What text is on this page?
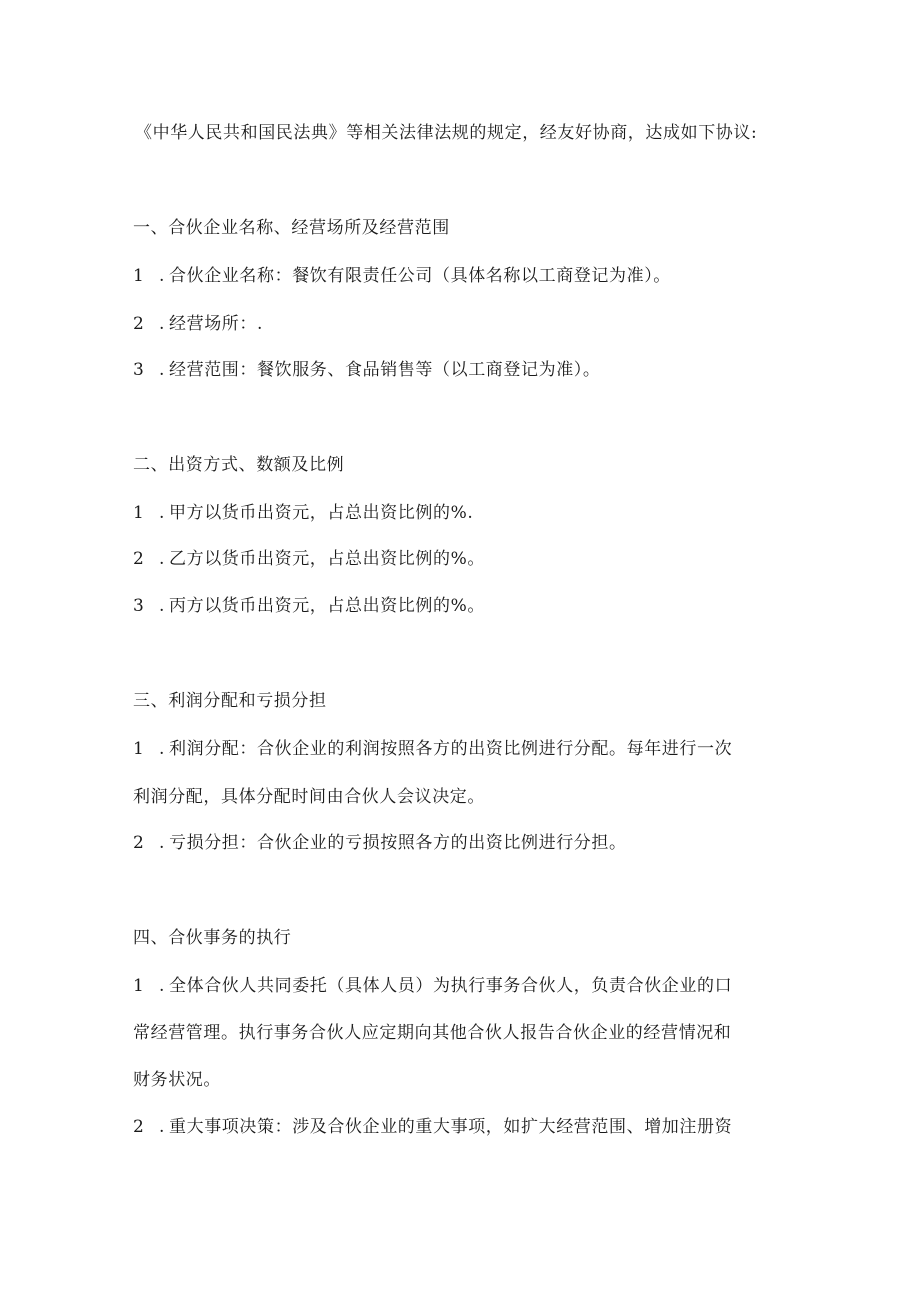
《中华人民共和国民法典》等相关法律法规的规定，经友好协商，达成如下协议:
一、合伙企业名称、经营场所及经营范围
1 . 合伙企业名称：餐饮有限责任公司（具体名称以工商登记为准）。
2 . 经营场所：.
3 . 经营范围：餐饮服务、食品销售等（以工商登记为准）。
二、出资方式、数额及比例
1 . 甲方以货币出资元，占总出资比例的%.
2 . 乙方以货币出资元，占总出资比例的%。
3 . 丙方以货币出资元，占总出资比例的%。
三、利润分配和亏损分担
1 . 利润分配：合伙企业的利润按照各方的出资比例进行分配。每年进行一次
利润分配，具体分配时间由合伙人会议决定。
2 . 亏损分担：合伙企业的亏损按照各方的出资比例进行分担。
四、合伙事务的执行
1 . 全体合伙人共同委托（具体人员）为执行事务合伙人，负责合伙企业的口
常经营管理。执行事务合伙人应定期向其他合伙人报告合伙企业的经营情况和
财务状况。
2 . 重大事项决策：涉及合伙企业的重大事项，如扩大经营范围、增加注册资
